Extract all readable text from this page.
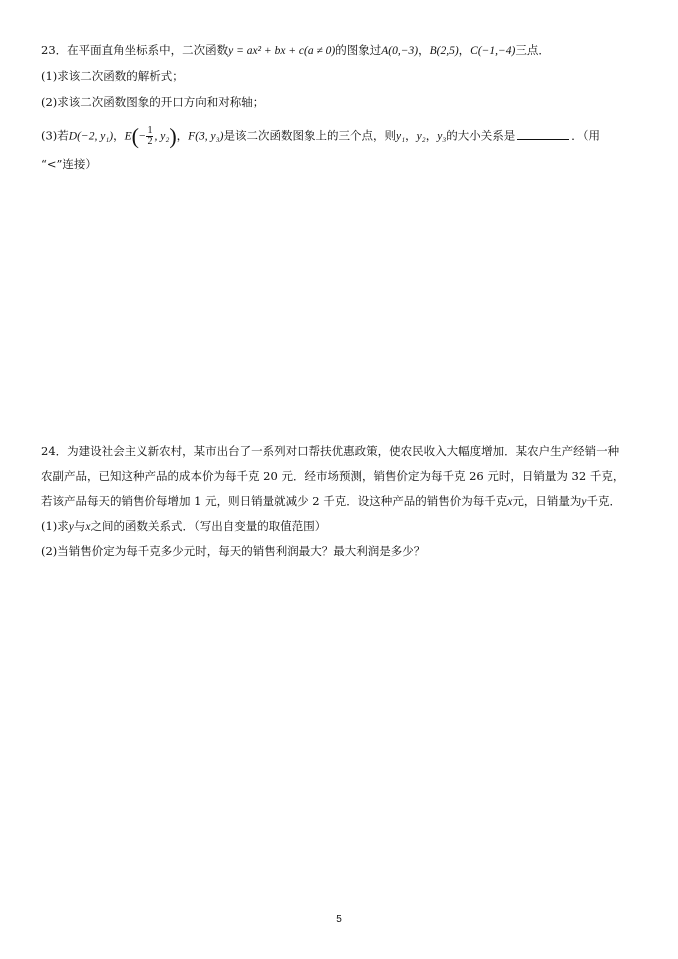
23．在平面直角坐标系中，二次函数y = ax² + bx + c(a ≠ 0)的图象过A(0,−3)，B(2,5)，C(−1,−4)三点．
(1)求该二次函数的解析式；
(2)求该二次函数图象的开口方向和对称轴；
(3)若D(−2, y₁)，$E(- \frac{1}{2}$ , y₂)，F(3, y₃)是该二次函数图象上的三个点，则y₁，y₂，y₃的大小关系是	．（用
“<”连接）
24．为建设社会主义新农村，某市出台了一系列对口帮扶优惠政策，使农民收入大幅度增加．某农户生产经销一种
农副产品，已知这种产品的成本价为每千克 20 元．经市场预测，销售价定为每千克 26 元时，日销量为 32 千克，
若该产品每天的销售价每增加 1 元，则日销量就减少 2 千克．设这种产品的销售价为每千克x元，日销量为y千克．
(1)求y与x之间的函数关系式．（写出自变量的取值范围）
(2)当销售价定为每千克多少元时，每天的销售利润最大？最大利润是多少？
5
